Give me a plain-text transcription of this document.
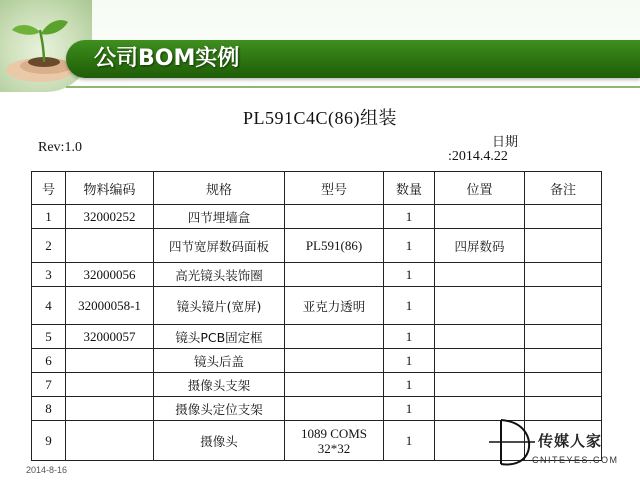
公司BOM实例
PL591C4C(86)组装
Rev:1.0	日期
:2014.4.22
号	物料编码	规格	型号	数量	位置	备注
1	32000252	四节埋墙盒		1		
2		四节宽屏数码面板	PL591(86)	1	四屏数码	
3	32000056	高光镜头装饰圈		1		
4	32000058-1	镜头镜片(宽屏)	亚克力透明	1		
5	32000057	镜头PCB固定框		1		
6		镜头后盖		1		
7		摄像头支架		1		
8		摄像头定位支架		1		
9		摄像头	1089 COMS 32*32	1		
2014-8-16
传媒人家
CNITEYES.COM
